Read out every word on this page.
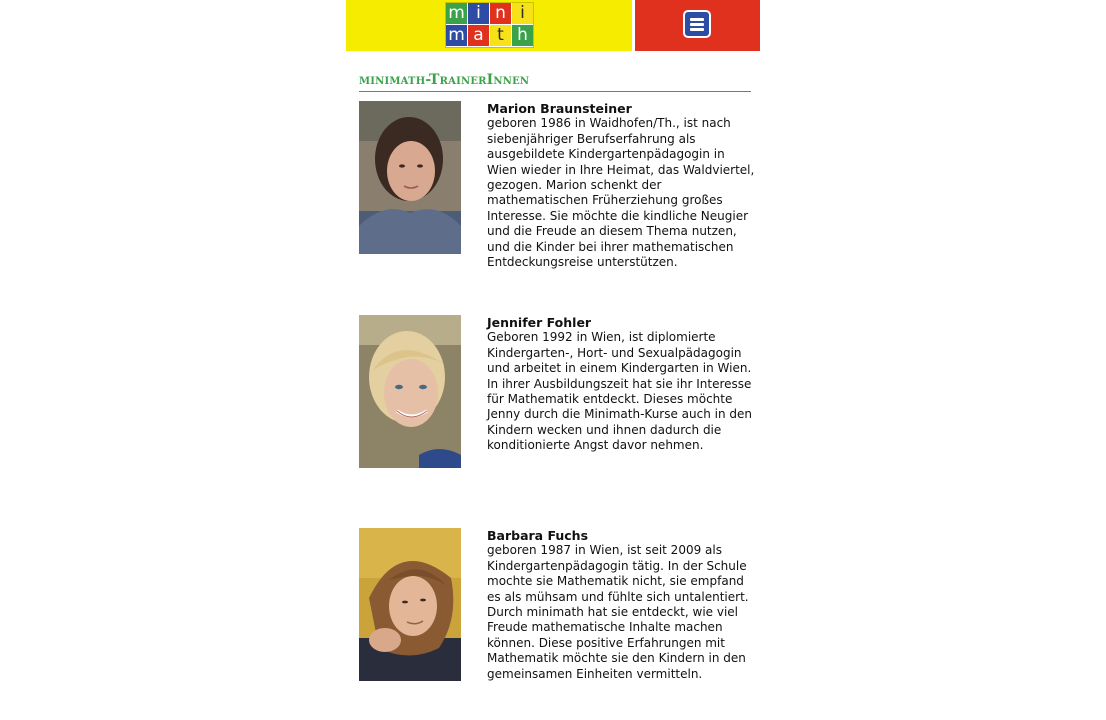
m i n i
m a t h
minimath-TrainerInnen

Marion Braunsteiner

geboren 1986 in Waidhofen/Th., ist nach siebenjähriger Berufserfahrung als ausgebildete Kindergartenpädagogin in Wien wieder in Ihre Heimat, das Waldviertel, gezogen. Marion schenkt der mathematischen Früherziehung großes Interesse. Sie möchte die kindliche Neugier und die Freude an diesem Thema nutzen, und die Kinder bei ihrer mathematischen Entdeckungsreise unterstützen.

Jennifer Fohler

Geboren 1992 in Wien, ist diplomierte Kindergarten-, Hort- und Sexualpädagogin und arbeitet in einem Kindergarten in Wien. In ihrer Ausbildungszeit hat sie ihr Interesse für Mathematik entdeckt. Dieses möchte Jenny durch die Minimath-Kurse auch in den Kindern wecken und ihnen dadurch die konditionierte Angst davor nehmen.

Barbara Fuchs

geboren 1987 in Wien, ist seit 2009 als Kindergartenpädagogin tätig. In der Schule mochte sie Mathematik nicht, sie empfand es als mühsam und fühlte sich untalentiert. Durch minimath hat sie entdeckt, wie viel Freude mathematische Inhalte machen können. Diese positive Erfahrungen mit Mathematik möchte sie den Kindern in den gemeinsamen Einheiten vermitteln.
